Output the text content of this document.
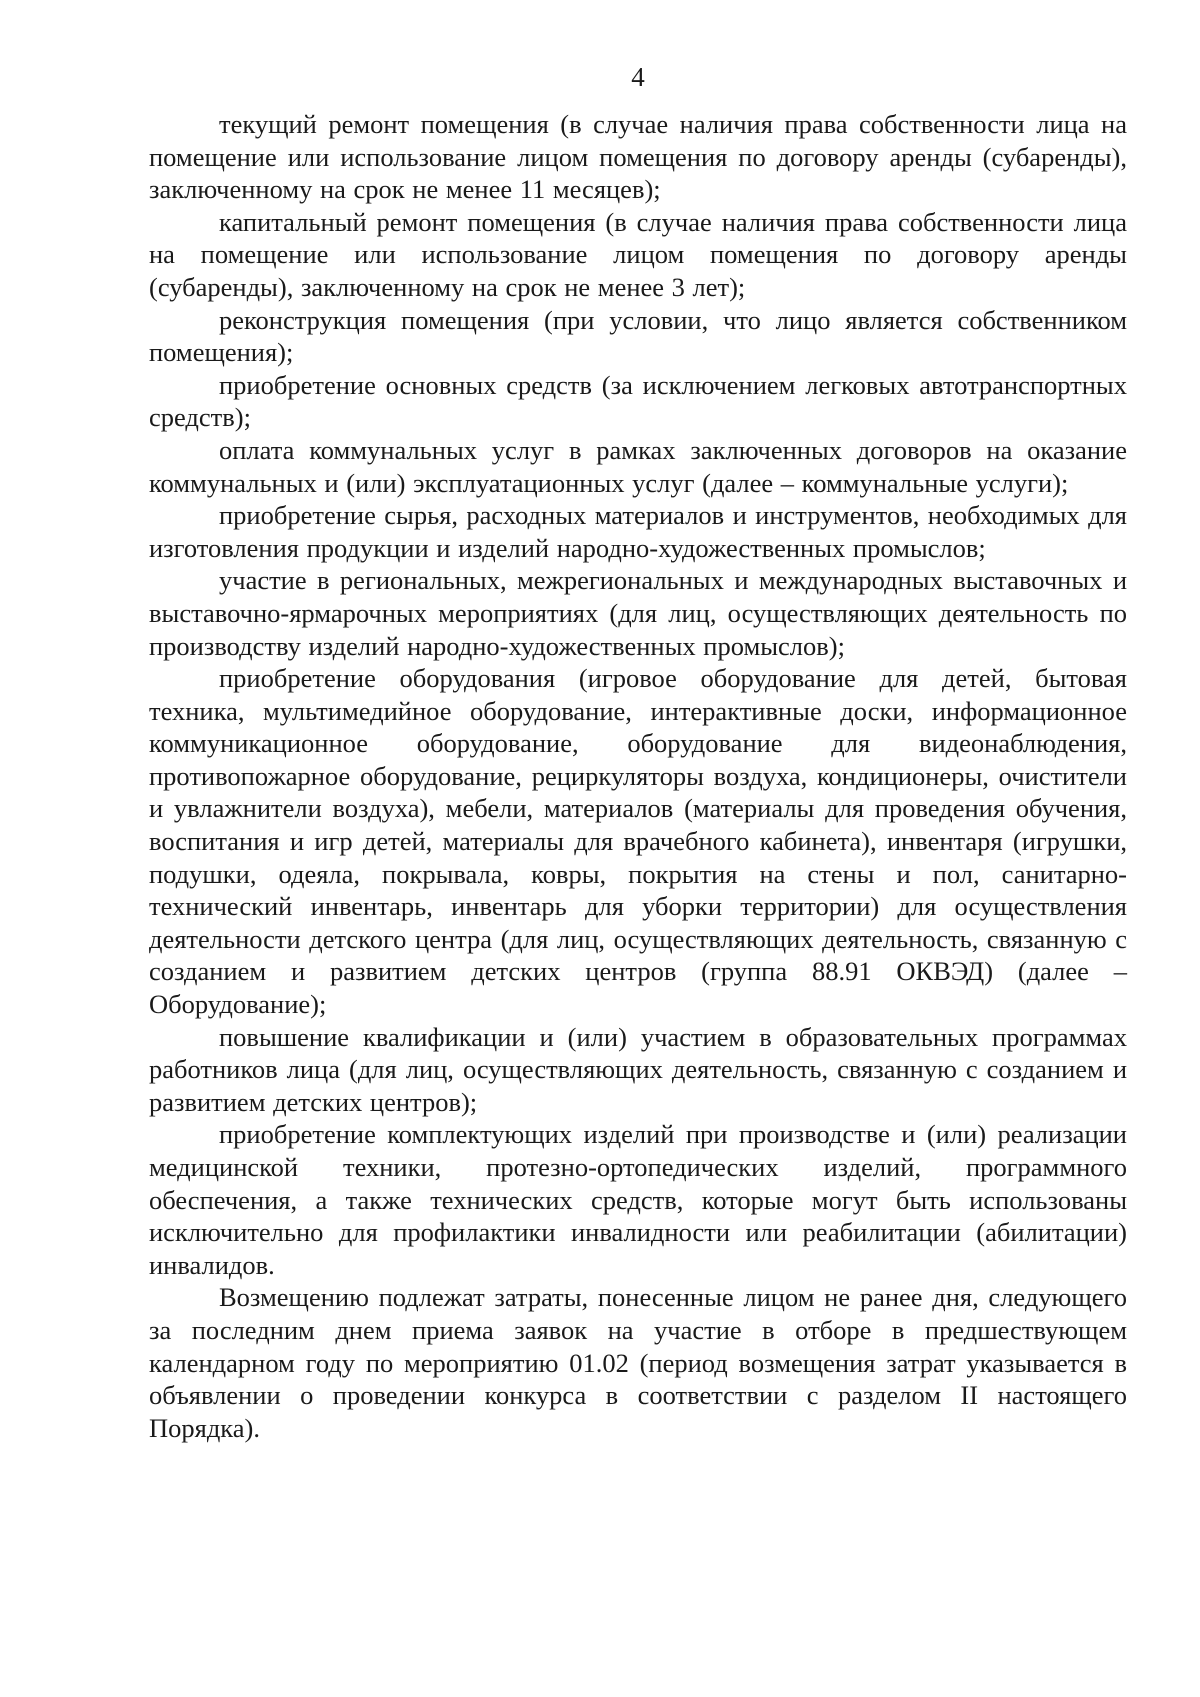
4

текущий ремонт помещения (в случае наличия права собственности лица на помещение или использование лицом помещения по договору аренды (субаренды), заключенному на срок не менее 11 месяцев);

капитальный ремонт помещения (в случае наличия права собственности лица на помещение или использование лицом помещения по договору аренды (субаренды), заключенному на срок не менее 3 лет);

реконструкция помещения (при условии, что лицо является собственником помещения);

приобретение основных средств (за исключением легковых автотранспортных средств);

оплата коммунальных услуг в рамках заключенных договоров на оказание коммунальных и (или) эксплуатационных услуг (далее – коммунальные услуги);

приобретение сырья, расходных материалов и инструментов, необходимых для изготовления продукции и изделий народно-художественных промыслов;

участие в региональных, межрегиональных и международных выставочных и выставочно-ярмарочных мероприятиях (для лиц, осуществляющих деятельность по производству изделий народно-художественных промыслов);

приобретение оборудования (игровое оборудование для детей, бытовая техника, мультимедийное оборудование, интерактивные доски, информационное коммуникационное оборудование, оборудование для видеонаблюдения, противопожарное оборудование, рециркуляторы воздуха, кондиционеры, очистители и увлажнители воздуха), мебели, материалов (материалы для проведения обучения, воспитания и игр детей, материалы для врачебного кабинета), инвентаря (игрушки, подушки, одеяла, покрывала, ковры, покрытия на стены и пол, санитарно-технический инвентарь, инвентарь для уборки территории) для осуществления деятельности детского центра (для лиц, осуществляющих деятельность, связанную с созданием и развитием детских центров (группа 88.91 ОКВЭД) (далее – Оборудование);

повышение квалификации и (или) участием в образовательных программах работников лица (для лиц, осуществляющих деятельность, связанную с созданием и развитием детских центров);

приобретение комплектующих изделий при производстве и (или) реализации медицинской техники, протезно-ортопедических изделий, программного обеспечения, а также технических средств, которые могут быть использованы исключительно для профилактики инвалидности или реабилитации (абилитации) инвалидов.

Возмещению подлежат затраты, понесенные лицом не ранее дня, следующего за последним днем приема заявок на участие в отборе в предшествующем календарном году по мероприятию 01.02 (период возмещения затрат указывается в объявлении о проведении конкурса в соответствии с разделом II настоящего Порядка).
